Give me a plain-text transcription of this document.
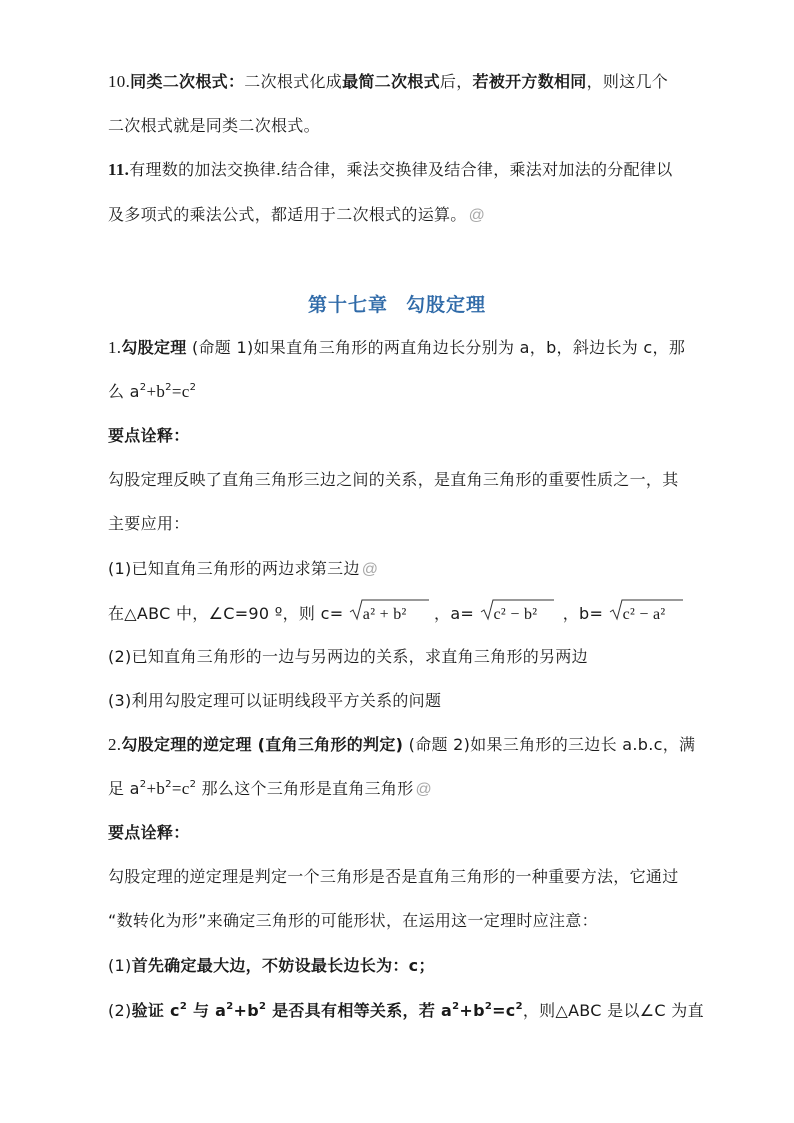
10.同类二次根式：二次根式化成最简二次根式后，若被开方数相同，则这几个
二次根式就是同类二次根式。
11.有理数的加法交换律.结合律，乘法交换律及结合律，乘法对加法的分配律以
及多项式的乘法公式，都适用于二次根式的运算。 @
第十七章 勾股定理
1.勾股定理 (命题 1)如果直角三角形的两直角边长分别为 a，b，斜边长为 c，那
么 $a^2+b^2=c^2$
要点诠释：
勾股定理反映了直角三角形三边之间的关系，是直角三角形的重要性质之一，其
主要应用：
(1)已知直角三角形的两边求第三边 @
在△ABC 中，∠C=90 º，则 c= a² + b² ，a= c² − b² ，b= c² − a²
(2)已知直角三角形的一边与另两边的关系，求直角三角形的另两边
(3)利用勾股定理可以证明线段平方关系的问题
2.勾股定理的逆定理 (直角三角形的判定) (命题 2)如果三角形的三边长 a.b.c，满
足 $a^2+b^2=c^2$ 那么这个三角形是直角三角形 @
要点诠释：
勾股定理的逆定理是判定一个三角形是否是直角三角形的一种重要方法，它通过
“数转化为形”来确定三角形的可能形状，在运用这一定理时应注意：
(1)首先确定最大边，不妨设最长边长为：c；
(2)验证 $c^2$ 与 $a^2+b^2$ 是否具有相等关系，若 $a^2+b^2=c^2$，则△ABC 是以∠C 为直
